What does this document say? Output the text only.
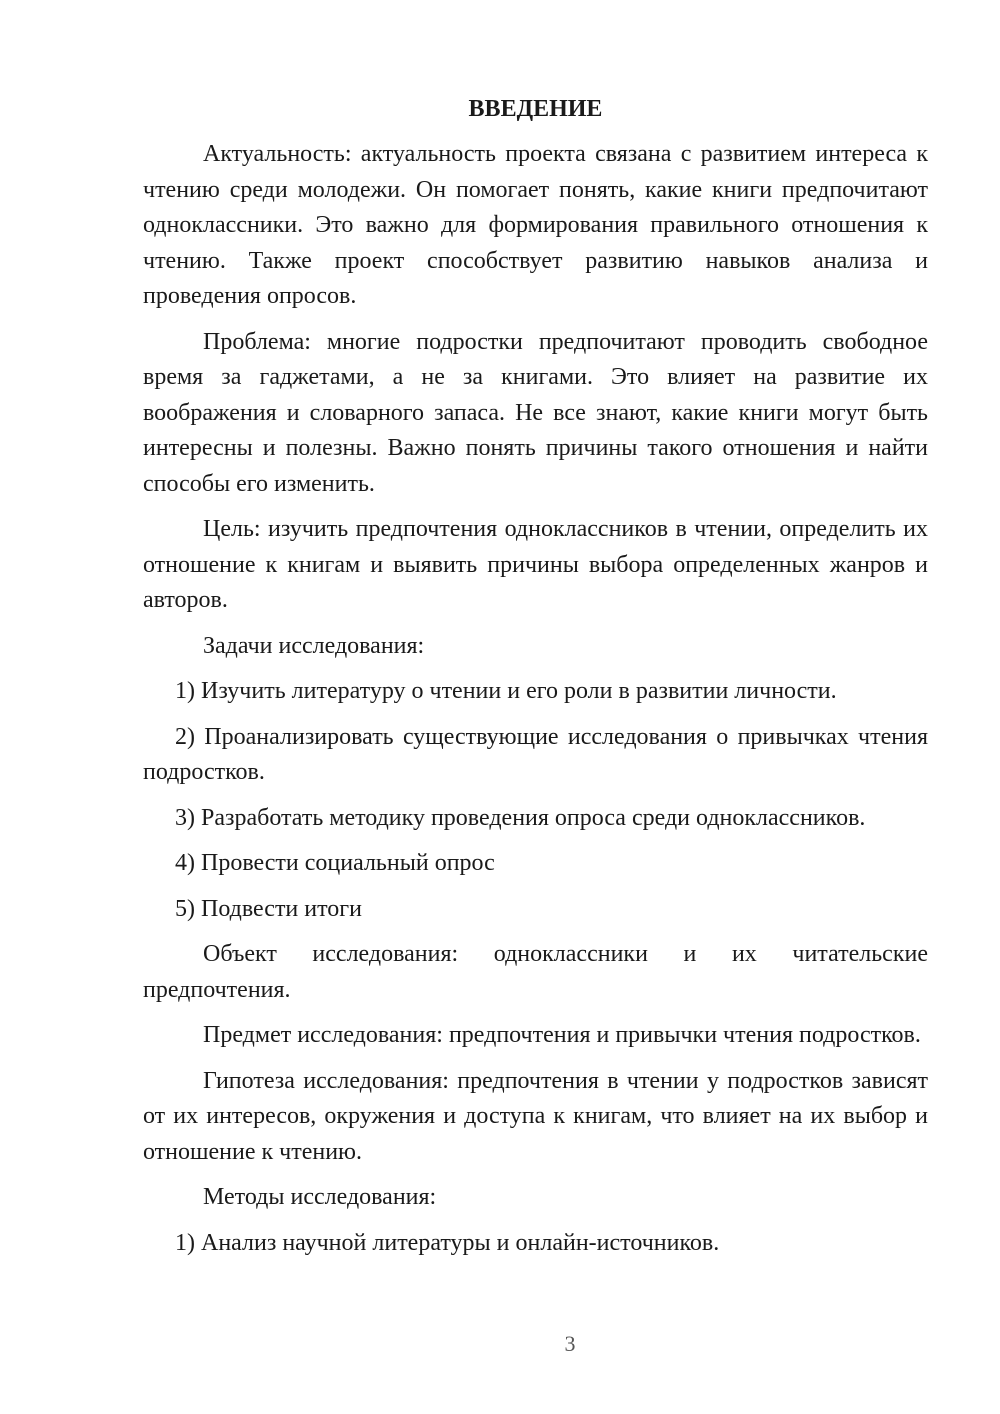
ВВЕДЕНИЕ

Актуальность: актуальность проекта связана с развитием интереса к чтению среди молодежи. Он помогает понять, какие книги предпочитают одноклассники. Это важно для формирования правильного отношения к чтению. Также проект способствует развитию навыков анализа и проведения опросов.

Проблема: многие подростки предпочитают проводить свободное время за гаджетами, а не за книгами. Это влияет на развитие их воображения и словарного запаса. Не все знают, какие книги могут быть интересны и полезны. Важно понять причины такого отношения и найти способы его изменить.

Цель: изучить предпочтения одноклассников в чтении, определить их отношение к книгам и выявить причины выбора определенных жанров и авторов.

Задачи исследования:

1) Изучить литературу о чтении и его роли в развитии личности.

2) Проанализировать существующие исследования о привычках чтения подростков.

3) Разработать методику проведения опроса среди одноклассников.

4) Провести социальный опрос

5) Подвести итоги

Объект исследования: одноклассники и их читательские предпочтения.

Предмет исследования: предпочтения и привычки чтения подростков.

Гипотеза исследования: предпочтения в чтении у подростков зависят от их интересов, окружения и доступа к книгам, что влияет на их выбор и отношение к чтению.

Методы исследования:

1) Анализ научной литературы и онлайн-источников.

3
